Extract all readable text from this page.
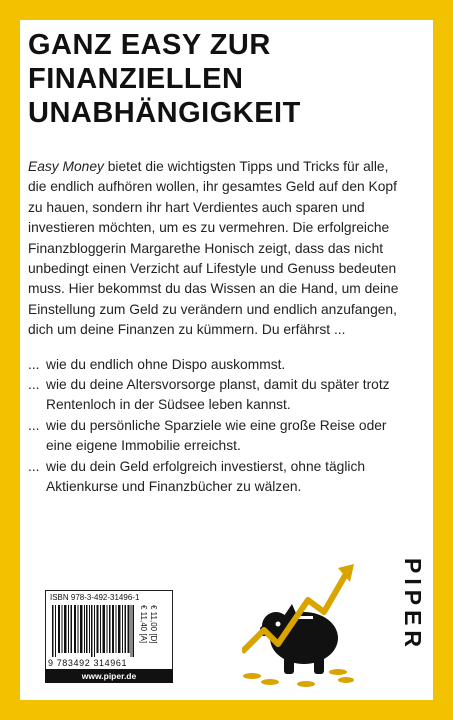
GANZ EASY ZUR
FINANZIELLEN
UNABHÄNGIGKEIT

Easy Money bietet die wichtigsten Tipps und Tricks für alle, die endlich aufhören wollen, ihr gesamtes Geld auf den Kopf zu hauen, sondern ihr hart Verdientes auch sparen und investieren möchten, um es zu vermehren. Die erfolgreiche Finanzbloggerin Margarethe Honisch zeigt, dass das nicht unbedingt einen Verzicht auf Lifestyle und Genuss bedeuten muss. Hier bekommst du das Wissen an die Hand, um deine Einstellung zum Geld zu verändern und endlich anzufangen, dich um deine Finanzen zu kümmern. Du erfährst ...

... wie du endlich ohne Dispo auskommst.
... wie du deine Altersvorsorge planst, damit du später trotz Rentenloch in der Südsee leben kannst.
... wie du persönliche Sparziele wie eine große Reise oder eine eigene Immobilie erreichst.
... wie du dein Geld erfolgreich investierst, ohne täglich Aktienkurse und Finanzbücher zu wälzen.
ISBN 978-3-492-31496-1
9 783492 314961
€ 11,00 [D]
€ 11,40 [A]
www.piper.de
PIPER
